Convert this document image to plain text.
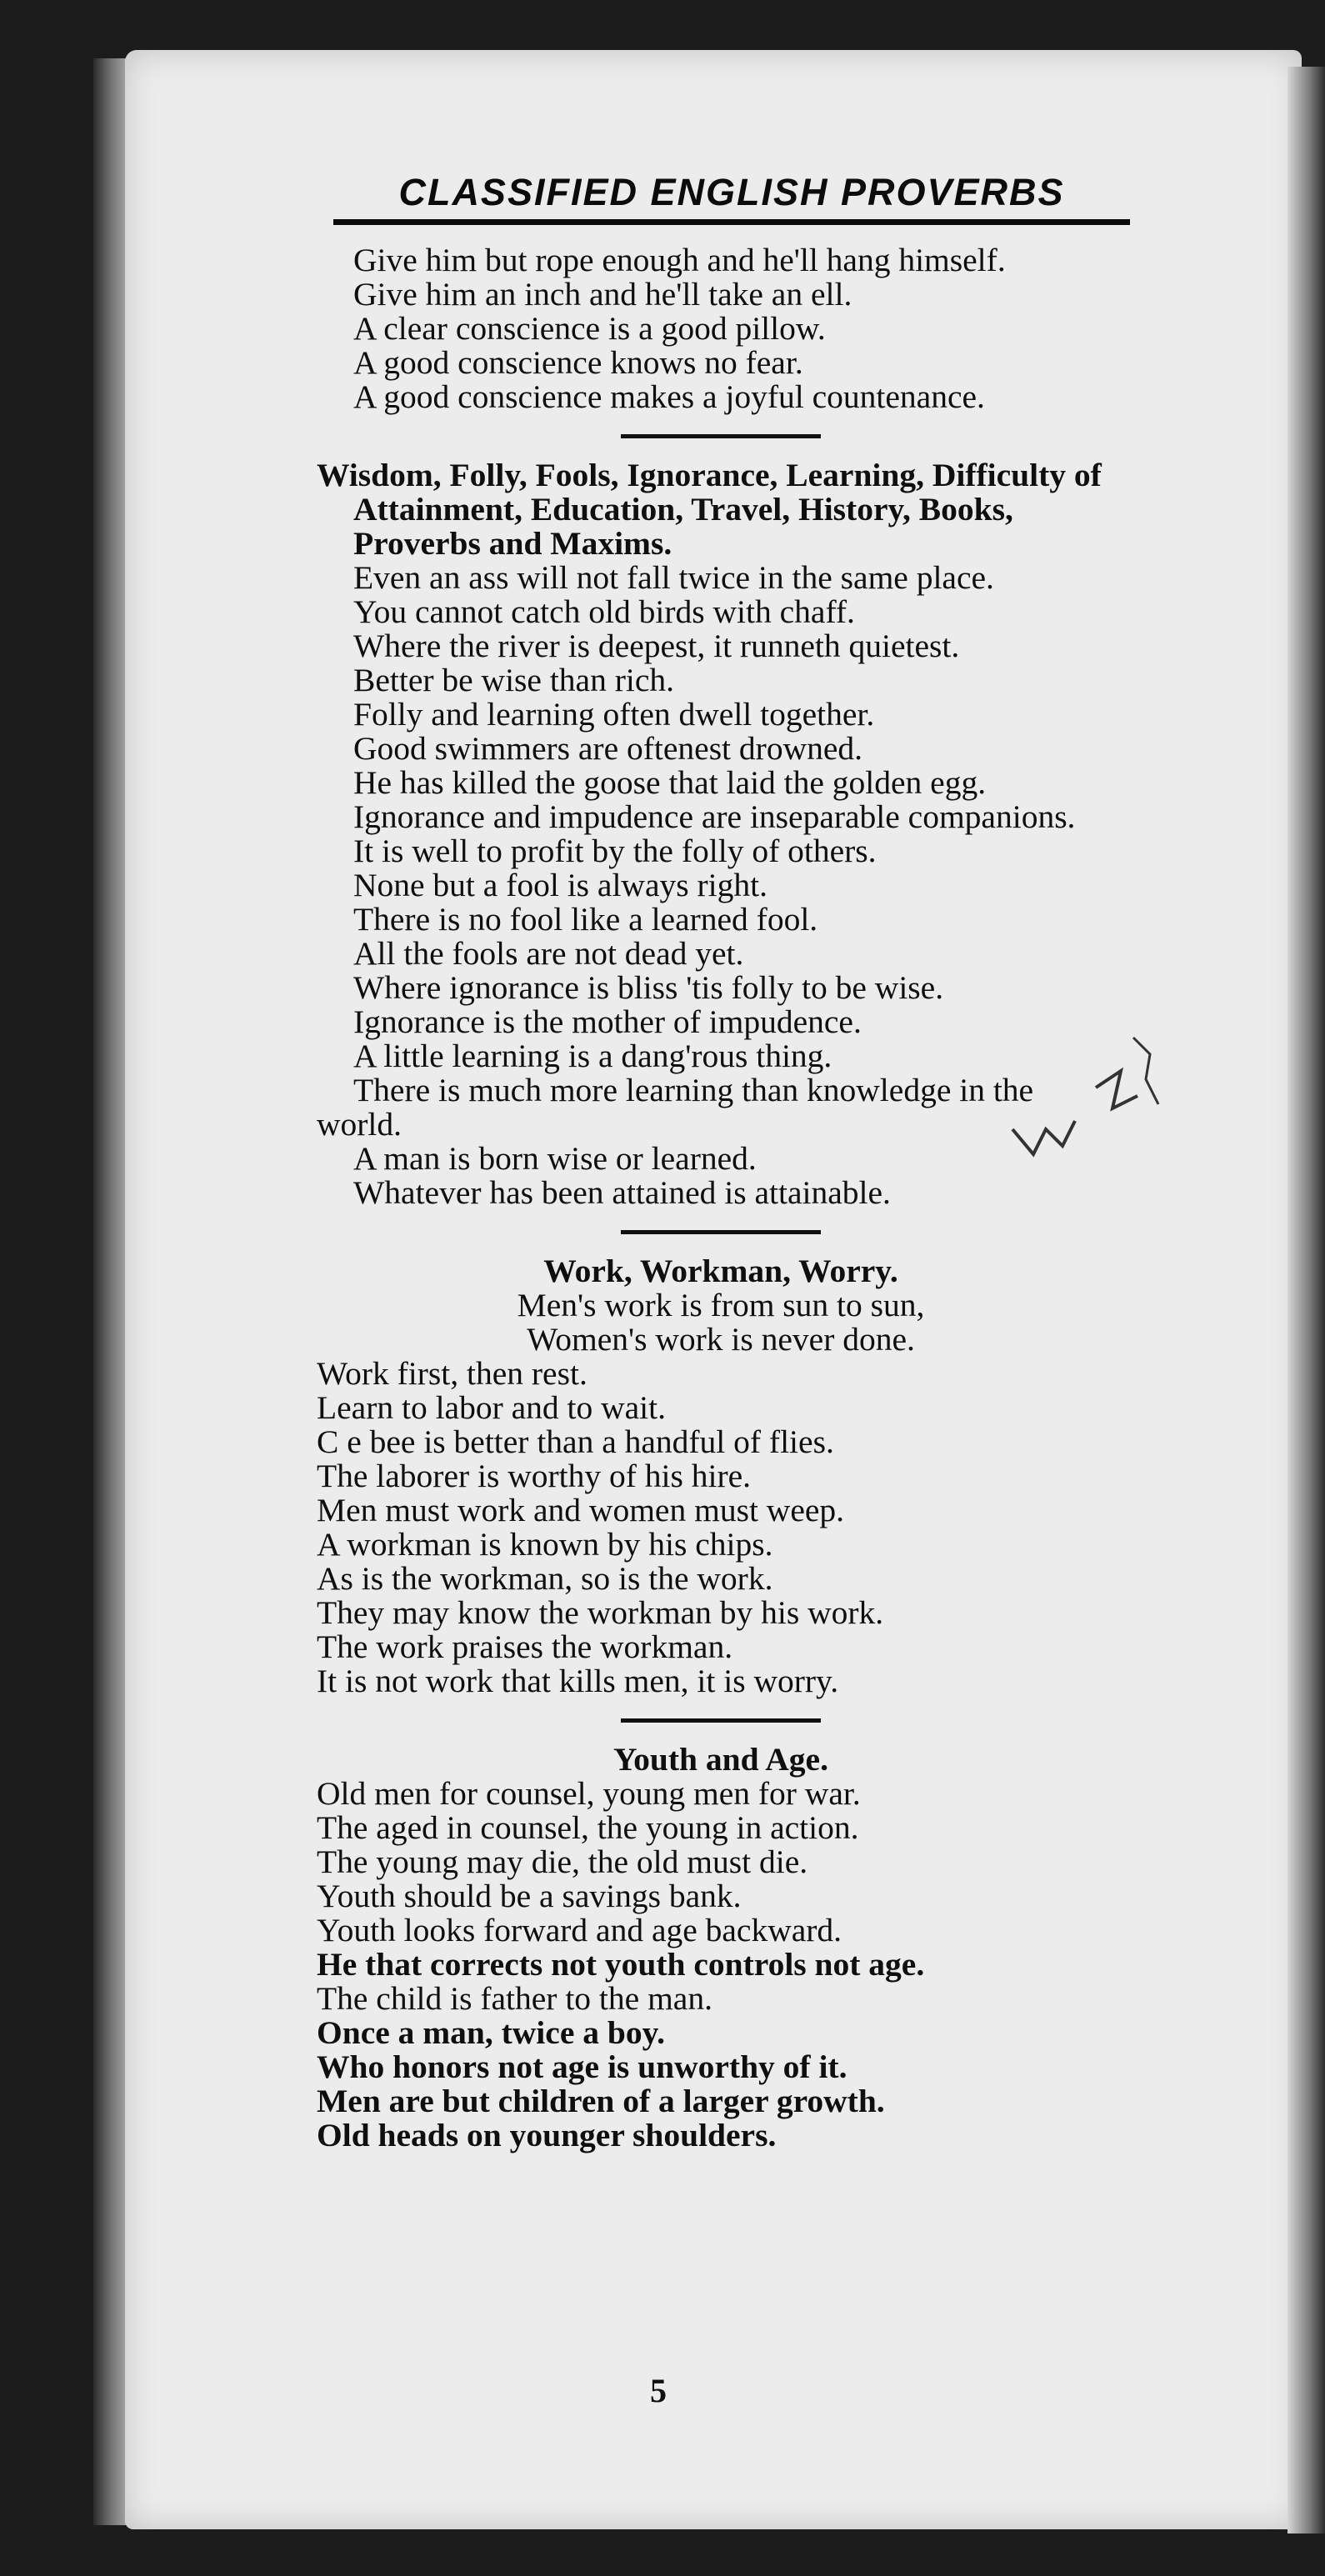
CLASSIFIED ENGLISH PROVERBS

Give him but rope enough and he'll hang himself.

Give him an inch and he'll take an ell.

A clear conscience is a good pillow.

A good conscience knows no fear.

A good conscience makes a joyful countenance.

Wisdom, Folly, Fools, Ignorance, Learning, Difficulty of Attainment, Education, Travel, History, Books, Proverbs and Maxims.

Even an ass will not fall twice in the same place.

You cannot catch old birds with chaff.

Where the river is deepest, it runneth quietest.

Better be wise than rich.

Folly and learning often dwell together.

Good swimmers are oftenest drowned.

He has killed the goose that laid the golden egg.

Ignorance and impudence are inseparable companions.

It is well to profit by the folly of others.

None but a fool is always right.

There is no fool like a learned fool.

All the fools are not dead yet.

Where ignorance is bliss 'tis folly to be wise.

Ignorance is the mother of impudence.

A little learning is a dang'rous thing.

There is much more learning than knowledge in the world.

A man is born wise or learned.

Whatever has been attained is attainable.

Work, Workman, Worry.

Men's work is from sun to sun,

Women's work is never done.

Work first, then rest.

Learn to labor and to wait.

C e bee is better than a handful of flies.

The laborer is worthy of his hire.

Men must work and women must weep.

A workman is known by his chips.

As is the workman, so is the work.

They may know the workman by his work.

The work praises the workman.

It is not work that kills men, it is worry.

Youth and Age.

Old men for counsel, young men for war.

The aged in counsel, the young in action.

The young may die, the old must die.

Youth should be a savings bank.

Youth looks forward and age backward.

He that corrects not youth controls not age.

The child is father to the man.

Once a man, twice a boy.

Who honors not age is unworthy of it.

Men are but children of a larger growth.

Old heads on younger shoulders.

5
